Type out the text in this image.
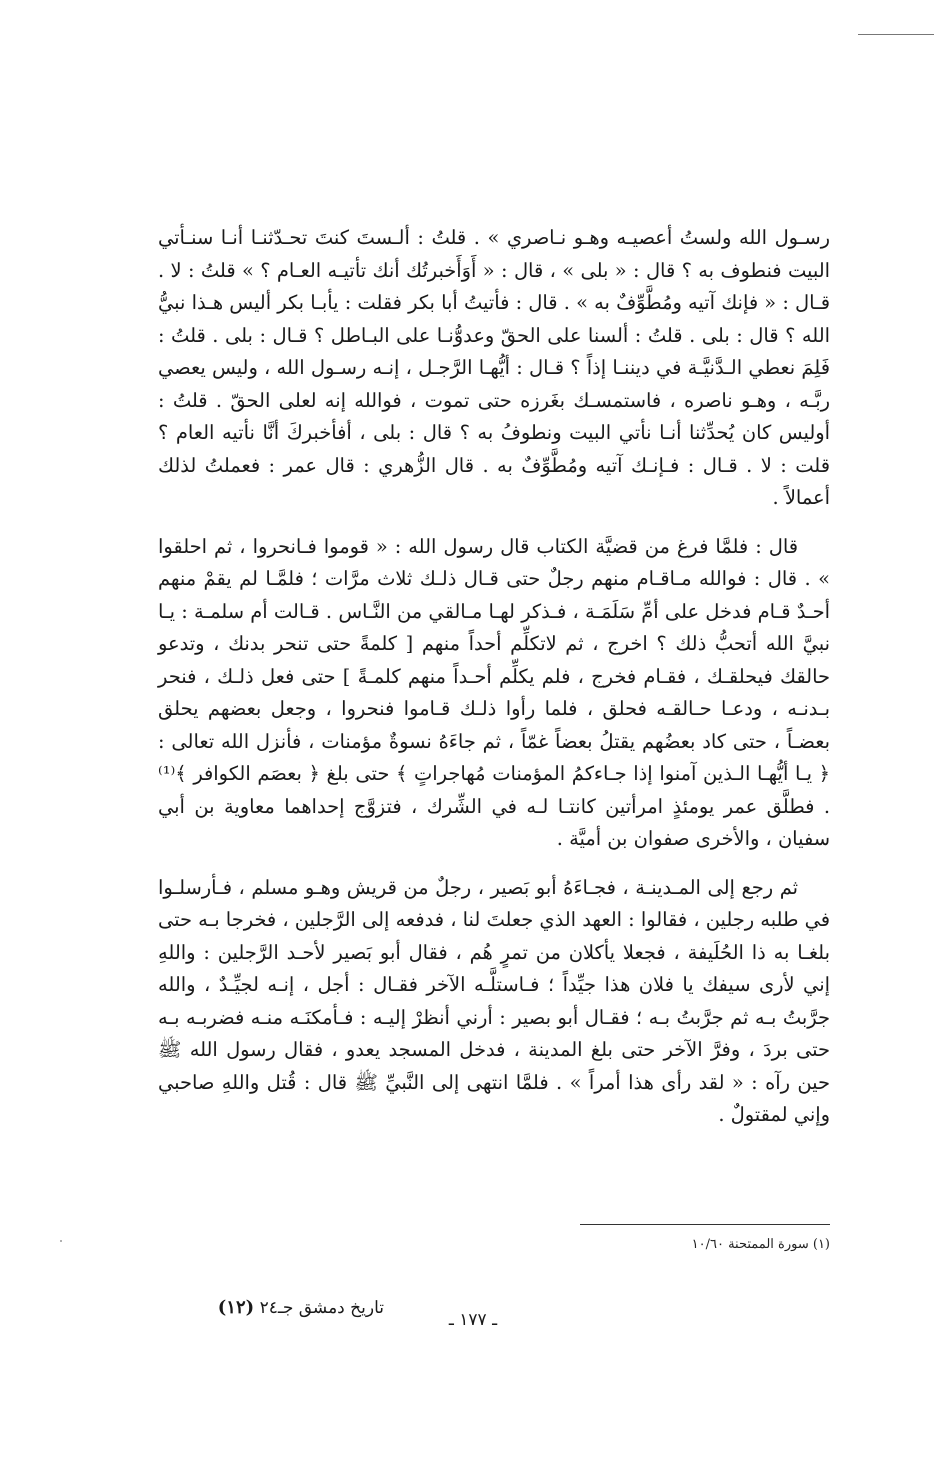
رسـول الله ولستُ أعصيـه وهـو نـاصري » . قلتُ : ألـستَ كنتَ تحـدّثنـا أنـا سنـأتي البيت فنطوف به ؟ قال : « بلى » ، قال : « أَوَأَخبرتُك أنك تأتيـه العـام ؟ » قلتُ : لا . قـال : « فإنك آتيه ومُطَّوِّفٌ به » . قال : فأتيتُ أبا بكر فقلت : يأبـا بكر أليس هـذا نبيُّ الله ؟ قال : بلى . قلتُ : ألسنا على الحقّ وعدوُّنـا على البـاطل ؟ قـال : بلى . قلتُ : فَلِمَ نعطي الـدَّنيَّـة في ديننـا إذاً ؟ قـال : أيُّهـا الرَّجـل ، إنـه رسـول الله ، وليس يعصي ربَّـه ، وهـو ناصره ، فاستمسـك بغَرزه حتى تموت ، فوالله إنه لعلى الحقّ . قلتُ : أوليس كان يُحدِّثنا أنـا نأتي البيت ونطوفُ به ؟ قال : بلى ، أفأخبركَ أنَّا نأتيه العام ؟ قلت : لا . قـال : فـإنـك آتيه ومُطَّوِّفٌ به . قال الزُّهري : قال عمر : فعملتُ لذلك أعمالاً .

قال : فلمَّا فرغ من قضيَّة الكتاب قال رسول الله : « قوموا فـانحروا ، ثم احلقوا » . قال : فوالله مـاقـام منهم رجلٌ حتى قـال ذلـك ثلاث مرَّات ؛ فلمَّـا لم يقمْ منهم أحـدٌ قـام فدخل على أمِّ سَلَمَـة ، فـذكر لهـا مـالقي من النَّـاس . قـالت أم سلمـة : يـا نبيَّ الله أتحبُّ ذلك ؟ اخرج ، ثم لاتكلِّم أحداً منهم [ كلمةً حتى تنحر بدنك ، وتدعو حالقك فيحلقـك ، فقـام فخرج ، فلم يكلِّم أحـداً منهم كلمـةً ] حتى فعل ذلـك ، فنحر بـدنـه ، ودعـا حـالقـه فحلق ، فلما رأوا ذلـك قـاموا فنحروا ، وجعل بعضهم يحلق بعضـاً ، حتى كاد بعضُهم يقتلُ بعضاً غمّاً ، ثم جاءَهُ نسوةٌ مؤمنات ، فأنزل الله تعالى : ﴿ يـا أيُّهـا الـذين آمنوا إذا جـاءكمُ المؤمنات مُهاجراتٍ ﴾ حتى بلغ ﴿ بعصَم الكوافر ﴾⁽¹⁾ . فطلَّق عمر يومئذٍ امرأتين كانتـا لـه في الشِّرك ، فتزوَّج إحداهما معاوية بن أبي سفيان ، والأخرى صفوان بن أميَّة .

ثم رجع إلى المـدينـة ، فجـاءَهُ أبو بَصير ، رجلٌ من قريش وهـو مسلم ، فـأرسلـوا في طلبه رجلين ، فقالوا : العهد الذي جعلتَ لنا ، فدفعه إلى الرَّجلين ، فخرجا بـه حتى بلغـا به ذا الحُلَيفة ، فجعلا يأكلان من تمرٍ هُم ، فقال أبو بَصير لأحـد الرَّجلين : واللهِ إني لأرى سيفك يا فلان هذا جيِّداً ؛ فـاستلَّـه الآخر فقـال : أجل ، إنـه لجيِّـدٌ ، والله جرَّبتُ بـه ثم جرَّبتُ بـه ؛ فقـال أبو بصير : أرني أنظرْ إليـه : فـأمكنَـه منـه فضربـه بـه حتى بردَ ، وفرَّ الآخر حتى بلغ المدينة ، فدخل المسجد يعدو ، فقال رسول الله ﷺ حين رآه : « لقد رأى هذا أمراً » . فلمَّا انتهى إلى النَّبيِّ ﷺ قال : قُتل واللهِ صاحبي وإني لمقتولٌ .

(١) سورة الممتحنة ١٠/٦٠
تاريخ دمشق جـ٢٤ (١٢)
ـ ١٧٧ ـ
